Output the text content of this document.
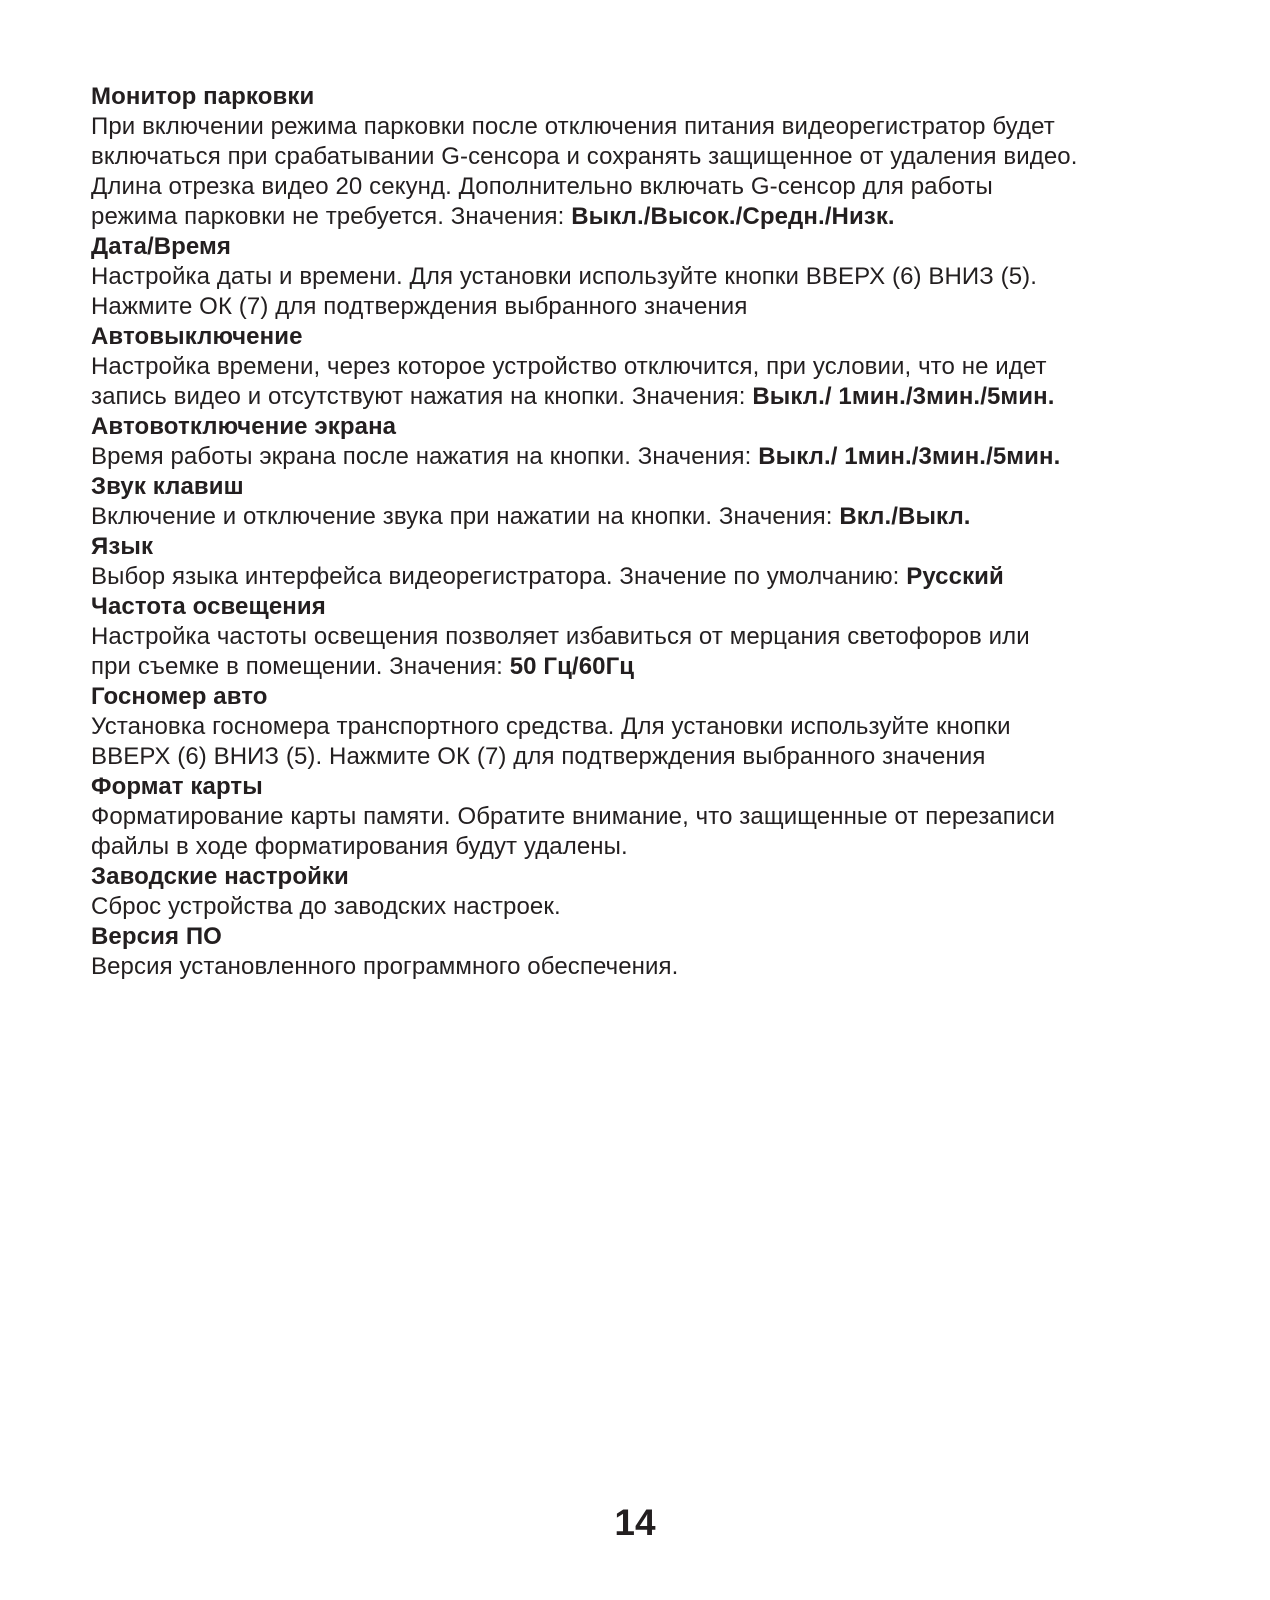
Монитор парковки
При включении режима парковки после отключения питания видеорегистратор будет
включаться при срабатывании G-сенсора и сохранять защищенное от удаления видео.
Длина отрезка видео 20 секунд. Дополнительно включать G-сенсор для работы
режима парковки не требуется. Значения: Выкл./Высок./Средн./Низк.
Дата/Время
Настройка даты и времени. Для установки используйте кнопки ВВЕРХ (6) ВНИЗ (5).
Нажмите ОК (7) для подтверждения выбранного значения
Автовыключение
Настройка времени, через которое устройство отключится, при условии, что не идет
запись видео и отсутствуют нажатия на кнопки. Значения: Выкл./ 1мин./3мин./5мин.
Автовотключение экрана
Время работы экрана после нажатия на кнопки. Значения: Выкл./ 1мин./3мин./5мин.
Звук клавиш
Включение и отключение звука при нажатии на кнопки. Значения: Вкл./Выкл.
Язык
Выбор языка интерфейса видеорегистратора. Значение по умолчанию: Русский
Частота освещения
Настройка частоты освещения позволяет избавиться от мерцания светофоров или
при съемке в помещении. Значения: 50 Гц/60Гц
Госномер авто
Установка госномера транспортного средства. Для установки используйте кнопки
ВВЕРХ (6) ВНИЗ (5). Нажмите ОК (7) для подтверждения выбранного значения
Формат карты
Форматирование карты памяти. Обратите внимание, что защищенные от перезаписи
файлы в ходе форматирования будут удалены.
Заводские настройки
Сброс устройства до заводских настроек.
Версия ПО
Версия установленного программного обеспечения.
14
